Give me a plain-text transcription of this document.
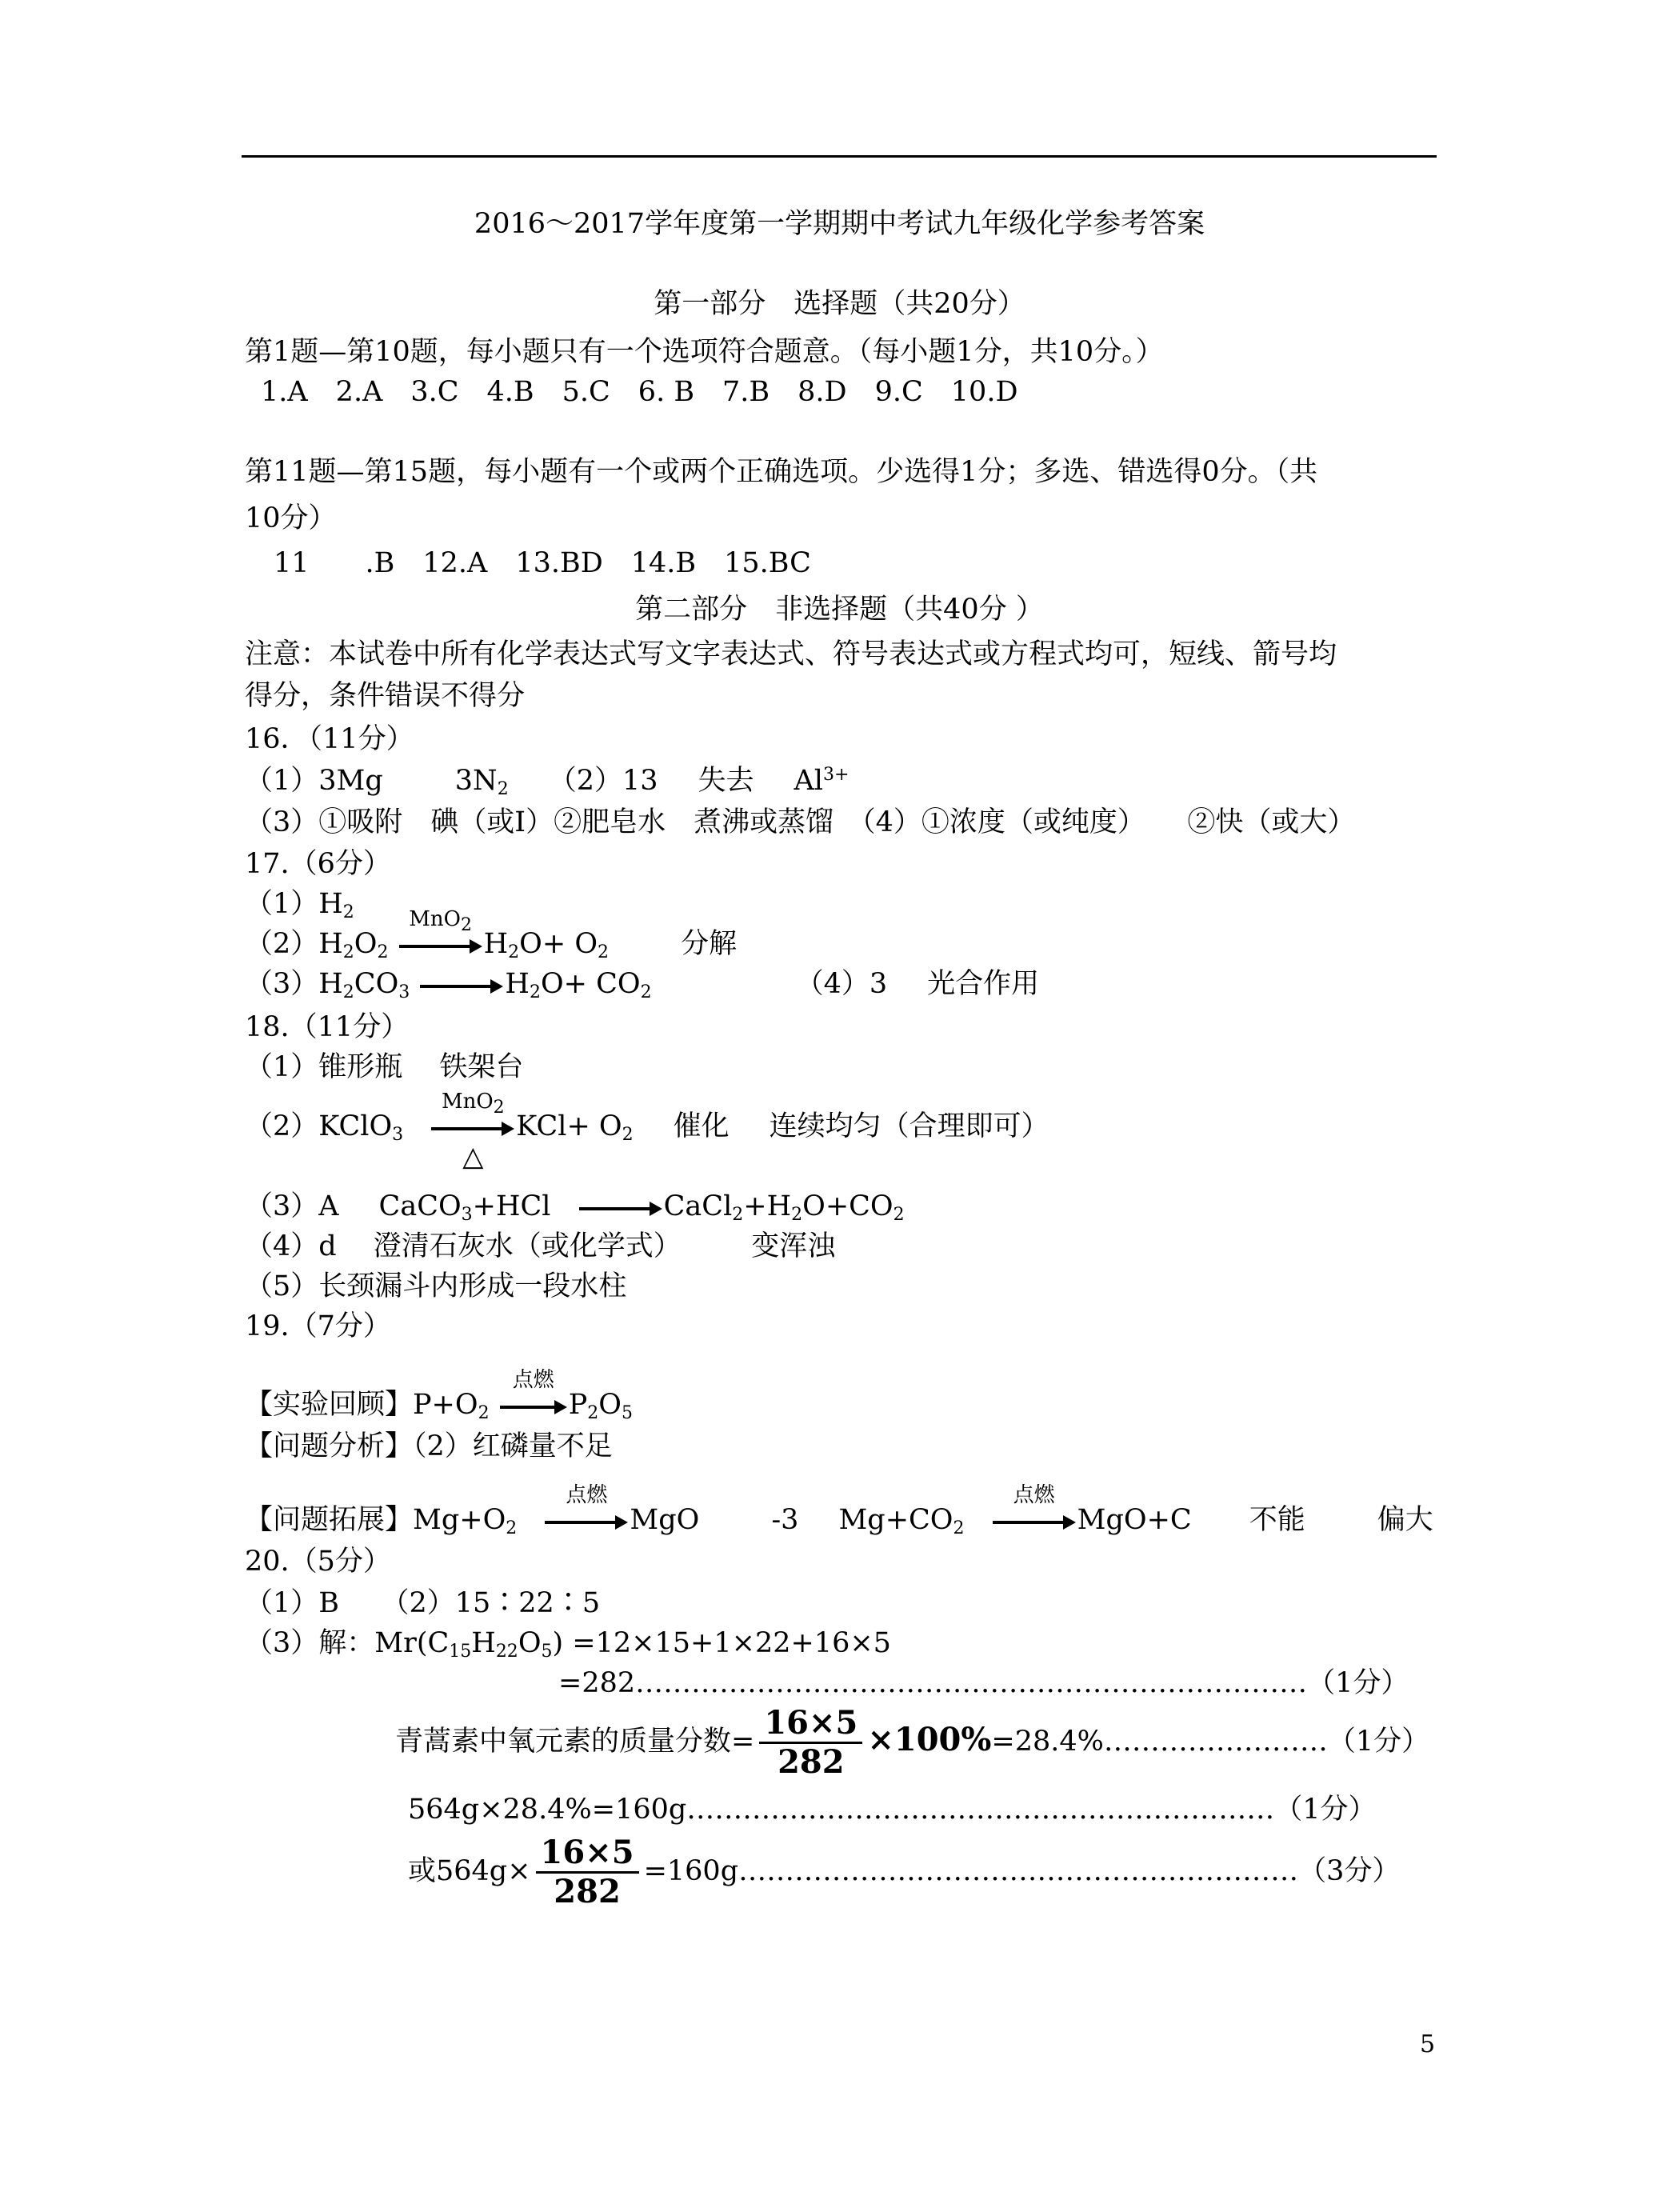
2016～2017学年度第一学期期中考试九年级化学参考答案
第一部分　选择题（共20分）
第1题—第10题，每小题只有一个选项符合题意。（每小题1分，共10分。）
1.A　2.A　3.C　4.B　5.C　6. B　7.B　8.D　9.C　10.D
第11题—第15题，每小题有一个或两个正确选项。少选得1分；多选、错选得0分。（共
10分）
11　　.B　12.A　13.BD　14.B　15.BC
第二部分　非选择题（共40分 ）
注意：本试卷中所有化学表达式写文字表达式、符号表达式或方程式均可，短线、箭号均
得分，条件错误不得分
16．（11分）
（1）3Mg	$3N_2$ （2）13 失去 $Al^{3+}$
（3）①吸附　碘（或I）②肥皂水　煮沸或蒸馏　（4）①浓度（或纯度）　　②快（或大）
17.（6分）
$(1)H_2$
$(2)H_2O_2$
MnO$_2$
$H_2O+ O_2$	分解
$(3)H_2CO_3$	$H_2O+ CO_2$	（4）3 光合作用
18.（11分）
（1）锥形瓶　 铁架台
（2）KClO$_3$
MnO$_2$
△
$KCl+ O_2$ 催化 连续均匀（合理即可）
（3）A CaCO$_3$+HCl	$CaCl_2+H_2O+CO_2$
（4）d　 澄清石灰水（或化学式）　　　变浑浊
（5）长颈漏斗内形成一段水柱
19.（7分）
【实验回顾】$P+O_2$
点燃
$P_2O_5$
【问题分析】（2）红磷量不足
【问题拓展】$Mg+O_2$
点燃
MgO	-3 $Mg+CO_2$
点燃
MgO+C 不能	偏大
20.（5分）
（1）B　　（2）15∶22∶5
（3）解：$Mr(C_{15}H_{22}O_5) =12\times 15+1\times 22+16\times 5$
=282………………………………………………………………（1分）
青蒿素中氧元素的质量分数= $\frac{16\times 5}{282}$ ×100%=28.4%……………………（1分）
564g×28.4%=160g………………………………………………………（1分）
或$564g\times \frac{16\times 5}{282}$ =160g……………………………………………………（3分）
5
